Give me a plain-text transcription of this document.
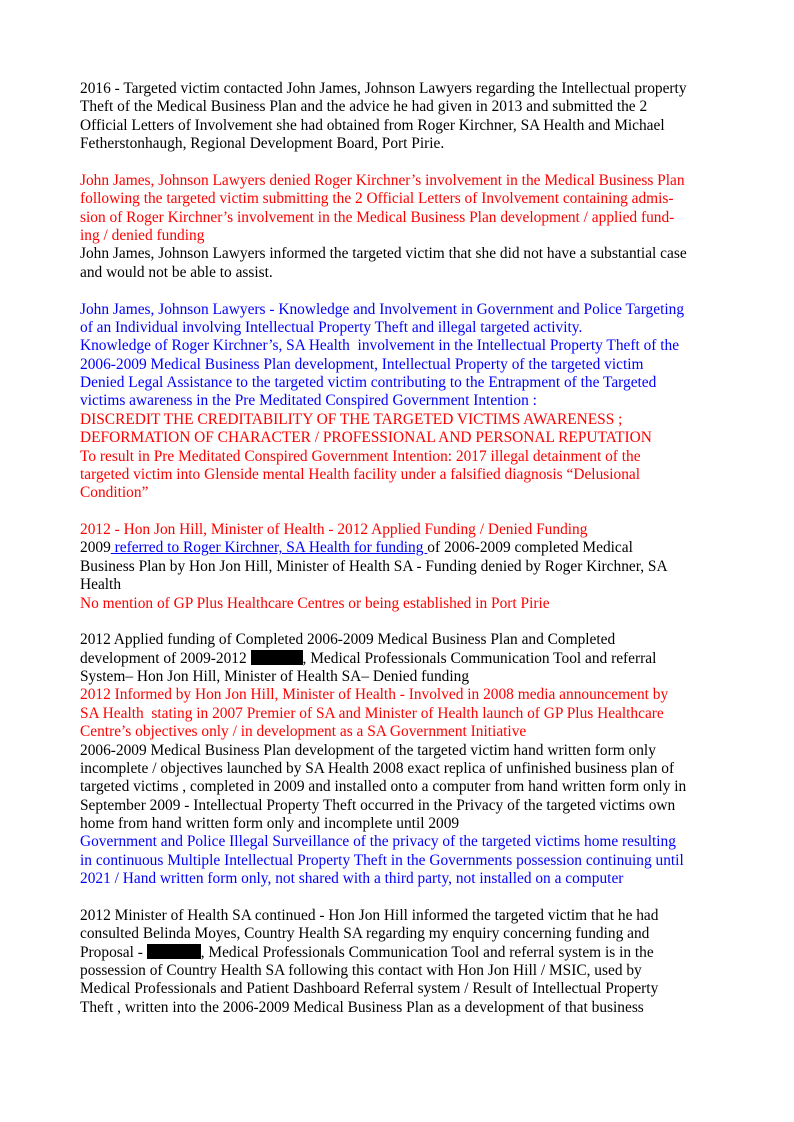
2016 - Targeted victim contacted John James, Johnson Lawyers regarding the Intellectual property
Theft of the Medical Business Plan and the advice he had given in 2013 and submitted the 2
Official Letters of Involvement she had obtained from Roger Kirchner, SA Health and Michael
Fetherstonhaugh, Regional Development Board, Port Pirie.
John James, Johnson Lawyers denied Roger Kirchner’s involvement in the Medical Business Plan
following the targeted victim submitting the 2 Official Letters of Involvement containing admis-
sion of Roger Kirchner’s involvement in the Medical Business Plan development / applied fund-
ing / denied funding
John James, Johnson Lawyers informed the targeted victim that she did not have a substantial case
and would not be able to assist.
John James, Johnson Lawyers - Knowledge and Involvement in Government and Police Targeting
of an Individual involving Intellectual Property Theft and illegal targeted activity.
Knowledge of Roger Kirchner’s, SA Health  involvement in the Intellectual Property Theft of the
2006-2009 Medical Business Plan development, Intellectual Property of the targeted victim
Denied Legal Assistance to the targeted victim contributing to the Entrapment of the Targeted
victims awareness in the Pre Meditated Conspired Government Intention :
DISCREDIT THE CREDITABILITY OF THE TARGETED VICTIMS AWARENESS ;
DEFORMATION OF CHARACTER / PROFESSIONAL AND PERSONAL REPUTATION
To result in Pre Meditated Conspired Government Intention: 2017 illegal detainment of the
targeted victim into Glenside mental Health facility under a falsified diagnosis “Delusional
Condition”
2012 - Hon Jon Hill, Minister of Health - 2012 Applied Funding / Denied Funding
2009 referred to Roger Kirchner, SA Health for funding of 2006-2009 completed Medical
Business Plan by Hon Jon Hill, Minister of Health SA - Funding denied by Roger Kirchner, SA
Health
No mention of GP Plus Healthcare Centres or being established in Port Pirie
2012 Applied funding of Completed 2006-2009 Medical Business Plan and Completed
development of 2009-2012	, Medical Professionals Communication Tool and referral
System– Hon Jon Hill, Minister of Health SA– Denied funding
2012 Informed by Hon Jon Hill, Minister of Health - Involved in 2008 media announcement by
SA Health  stating in 2007 Premier of SA and Minister of Health launch of GP Plus Healthcare
Centre’s objectives only / in development as a SA Government Initiative
2006-2009 Medical Business Plan development of the targeted victim hand written form only
incomplete / objectives launched by SA Health 2008 exact replica of unfinished business plan of
targeted victims , completed in 2009 and installed onto a computer from hand written form only in
September 2009 - Intellectual Property Theft occurred in the Privacy of the targeted victims own
home from hand written form only and incomplete until 2009
Government and Police Illegal Surveillance of the privacy of the targeted victims home resulting
in continuous Multiple Intellectual Property Theft in the Governments possession continuing until
2021 / Hand written form only, not shared with a third party, not installed on a computer
2012 Minister of Health SA continued - Hon Jon Hill informed the targeted victim that he had
consulted Belinda Moyes, Country Health SA regarding my enquiry concerning funding and
Proposal -	, Medical Professionals Communication Tool and referral system is in the
possession of Country Health SA following this contact with Hon Jon Hill / MSIC, used by
Medical Professionals and Patient Dashboard Referral system / Result of Intellectual Property
Theft , written into the 2006-2009 Medical Business Plan as a development of that business
